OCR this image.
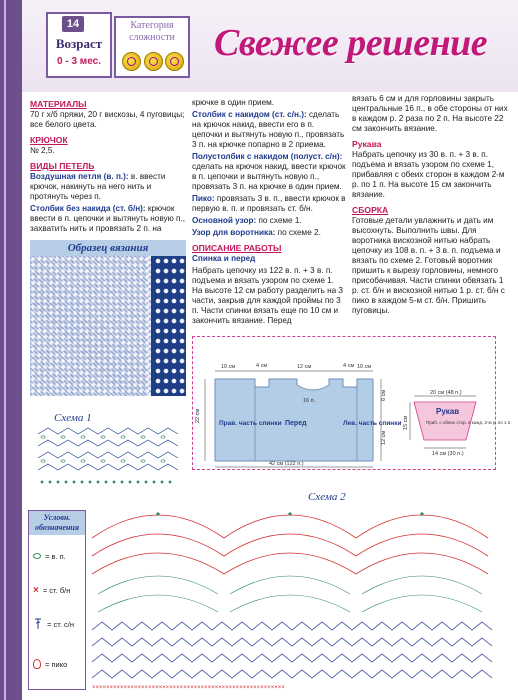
14
Возраст
0 - 3 мес.
Категория сложности Свежее решение
МАТЕРИАЛЫ

70 г х/б пряжи, 20 г вискозы, 4 пуговицы; все белого цвета.

КРЮЧОК

№ 2,5.

ВИДЫ ПЕТЕЛЬ

Воздушная петля (в. п.): в. ввести крючок, накинуть на него нить и протянуть через п.

Столбик без накида (ст. б/н): крючок ввести в п. цепочки и вытянуть новую п., захватить нить и провязать 2 п. на

крючке в один прием.

Столбик с накидом (ст. с/н.): сделать на крючок накид, ввести его в п. цепочки и вытянуть новую п., провязать 3 п. на крючке попарно в 2 приема.

Полустолбик с накидом (полуст. с/н): сделать на крючок накид, ввести крючок в п. цепочки и вытянуть новую п., провязать 3 п. на крючке в один прием.

Пико: провязать 3 в. п., ввести крючок в первую в. п. и провязать ст. б/н.

Основной узор: по схеме 1.

Узор для воротника: по схеме 2.

ОПИСАНИЕ РАБОТЫ

Спинка и перед

Набрать цепочку из 122 в. п. + 3 в. п. подъема и вязать узором по схеме 1. На высоте 12 см работу разделить на 3 части, закрыв для каждой проймы по 3 п. Части спинки вязать еще по 10 см и закончить вязание. Перед

вязать 6 см и для горловины закрыть центральные 16 п., в обе стороны от них в каждом р. 2 раза по 2 п. На высоте 22 см закончить вязание.

Рукава

Набрать цепочку из 30 в. п. + 3 в. п. подъема и вязать узором по схеме 1, прибавляя с обеих сторон в каждом 2-м р. по 1 п. На высоте 15 см закончить вязание.

СБОРКА

Готовые детали увлажнить и дать им высохнуть. Выполнить швы. Для воротника вискозной нитью набрать цепочку из 108 в. п. + 3 в. п. подъема и вязать по схеме 2. Готовый воротник пришить к вырезу горловины, немного присобачивая. Части спинки обвязать 1 р. ст. б/н и вискозной нитью 1 р. ст. б/н с пико в каждом 5-м ст. б/н. Пришить пуговицы.

Образец вязания
10 см	4 см	12 см	4 см 10 см
16 п.
22 см
6 см
12 см
42 см (122 п.)
Прав. часть спинки Перед	Лев. часть спинки
20 см (48 п.)
Рукав
Приб. с обеих стор. в кажд. 2-м р. по 1 п.
15 см
14 см (30 п.)
Схема 1
Схема 2
×××××××××××××××××××××××××××××××××××××××××××××××××××××××
Условн. обозначения
= в. п.
× = ст. б/н
= ст. с/н
= пико
